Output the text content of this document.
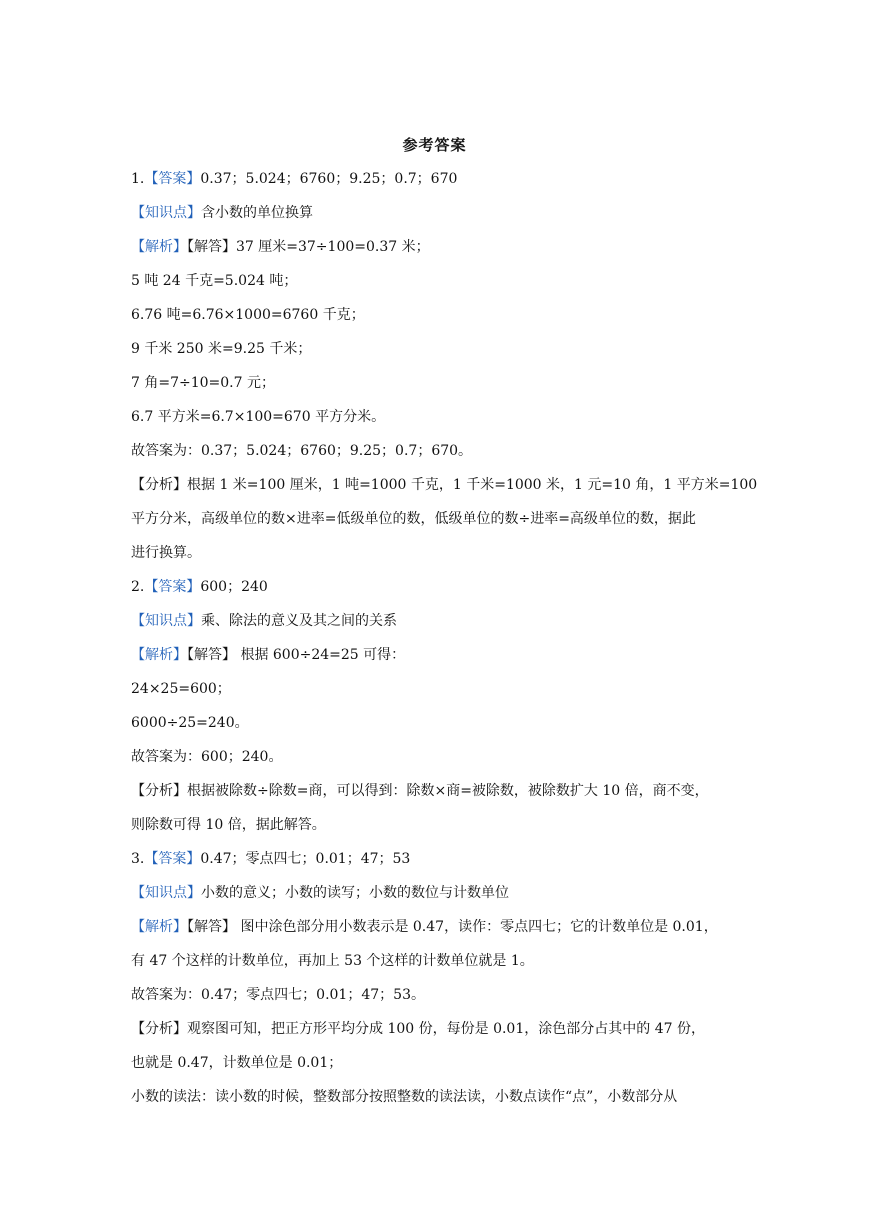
参考答案
1.【答案】0.37；5.024；6760；9.25；0.7；670
【知识点】含小数的单位换算
【解析】【解答】37 厘米=37÷100=0.37 米；
5 吨 24 千克=5.024 吨；
6.76 吨=6.76×1000=6760 千克；
9 千米 250 米=9.25 千米；
7 角=7÷10=0.7 元；
6.7 平方米=6.7×100=670 平方分米。
故答案为：0.37；5.024；6760；9.25；0.7；670。
【分析】根据 1 米=100 厘米，1 吨=1000 千克，1 千米=1000 米，1 元=10 角，1 平方米=100
平方分米，高级单位的数×进率=低级单位的数，低级单位的数÷进率=高级单位的数，据此
进行换算。
2.【答案】600；240
【知识点】乘、除法的意义及其之间的关系
【解析】【解答】 根据 600÷24=25 可得：
24×25=600；
6000÷25=240。
故答案为：600；240。
【分析】根据被除数÷除数=商，可以得到：除数×商=被除数，被除数扩大 10 倍，商不变，
则除数可得 10 倍，据此解答。
3.【答案】0.47；零点四七；0.01；47；53
【知识点】小数的意义；小数的读写；小数的数位与计数单位
【解析】【解答】 图中涂色部分用小数表示是 0.47，读作：零点四七；它的计数单位是 0.01，
有 47 个这样的计数单位，再加上 53 个这样的计数单位就是 1。
故答案为：0.47；零点四七；0.01；47；53。
【分析】观察图可知，把正方形平均分成 100 份，每份是 0.01，涂色部分占其中的 47 份，
也就是 0.47，计数单位是 0.01；
小数的读法：读小数的时候，整数部分按照整数的读法读，小数点读作“点”，小数部分从
